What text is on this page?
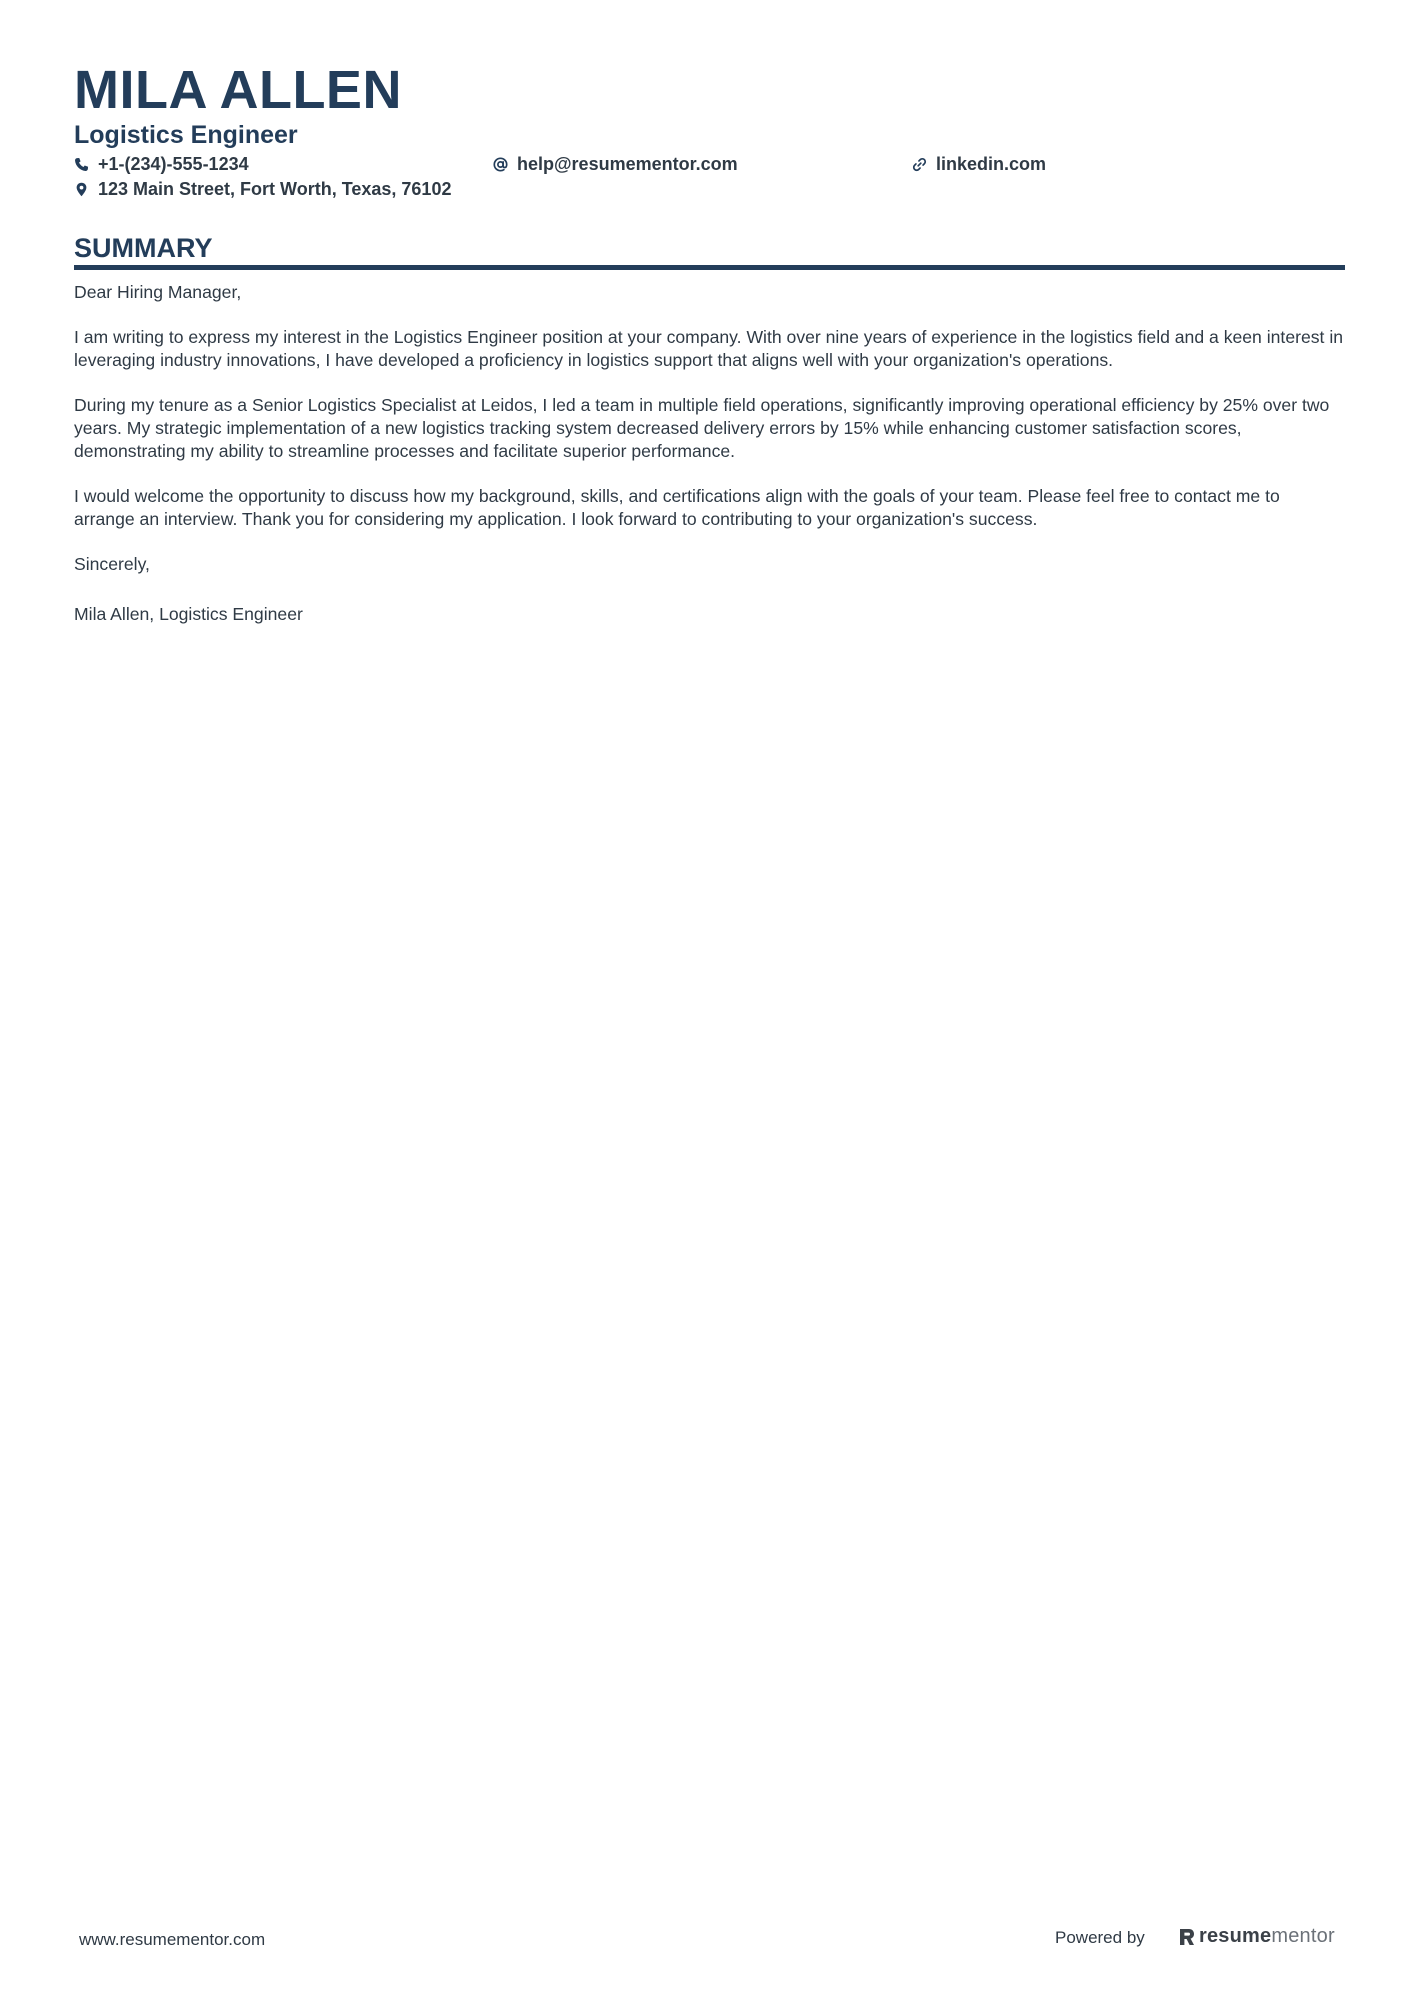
MILA ALLEN
Logistics Engineer
+1-(234)-555-1234	help@resumementor.com	linkedin.com
123 Main Street, Fort Worth, Texas, 76102
SUMMARY

Dear Hiring Manager,

I am writing to express my interest in the Logistics Engineer position at your company. With over nine years of experience in the logistics field and a keen interest in leveraging industry innovations, I have developed a proficiency in logistics support that aligns well with your organization's operations.

During my tenure as a Senior Logistics Specialist at Leidos, I led a team in multiple field operations, significantly improving operational efficiency by 25% over two years. My strategic implementation of a new logistics tracking system decreased delivery errors by 15% while enhancing customer satisfaction scores, demonstrating my ability to streamline processes and facilitate superior performance.

I would welcome the opportunity to discuss how my background, skills, and certifications align with the goals of your team. Please feel free to contact me to arrange an interview. Thank you for considering my application. I look forward to contributing to your organization's success.

Sincerely,

Mila Allen, Logistics Engineer

www.resumementor.com	Powered by	resumementor
